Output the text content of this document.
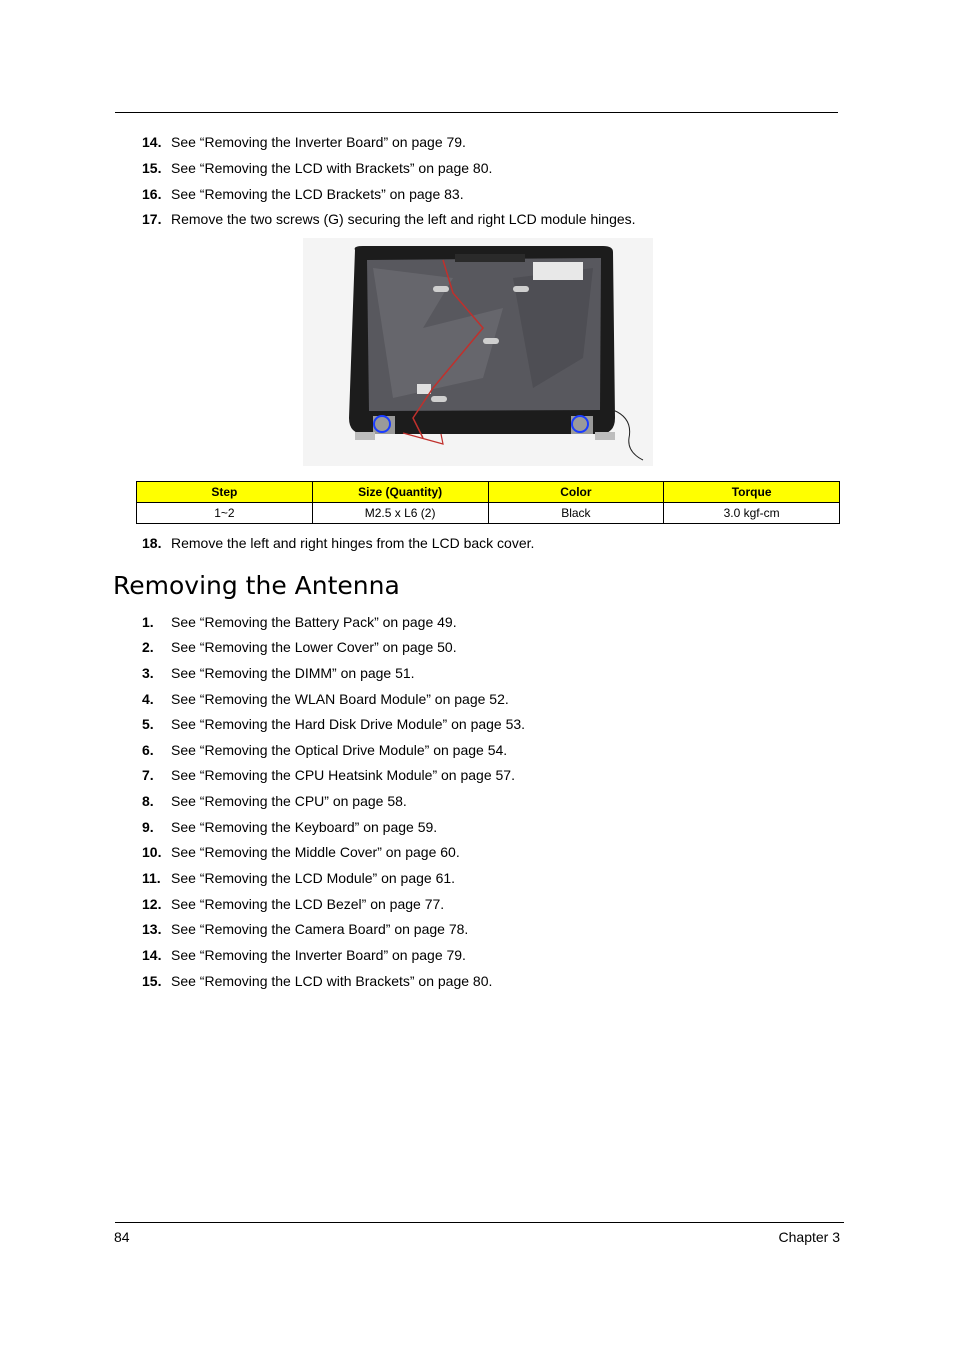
14. See “Removing the Inverter Board” on page 79.
15. See “Removing the LCD with Brackets” on page 80.
16. See “Removing the LCD Brackets” on page 83.
17. Remove the two screws (G) securing the left and right LCD module hinges.
Step	Size (Quantity)	Color	Torque
1~2	M2.5 x L6 (2)	Black	3.0 kgf-cm
18. Remove the left and right hinges from the LCD back cover.
Removing the Antenna
1. See “Removing the Battery Pack” on page 49.
2. See “Removing the Lower Cover” on page 50.
3. See “Removing the DIMM” on page 51.
4. See “Removing the WLAN Board Module” on page 52.
5. See “Removing the Hard Disk Drive Module” on page 53.
6. See “Removing the Optical Drive Module” on page 54.
7. See “Removing the CPU Heatsink Module” on page 57.
8. See “Removing the CPU” on page 58.
9. See “Removing the Keyboard” on page 59.
10. See “Removing the Middle Cover” on page 60.
11. See “Removing the LCD Module” on page 61.
12. See “Removing the LCD Bezel” on page 77.
13. See “Removing the Camera Board” on page 78.
14. See “Removing the Inverter Board” on page 79.
15. See “Removing the LCD with Brackets” on page 80.
84	Chapter 3
